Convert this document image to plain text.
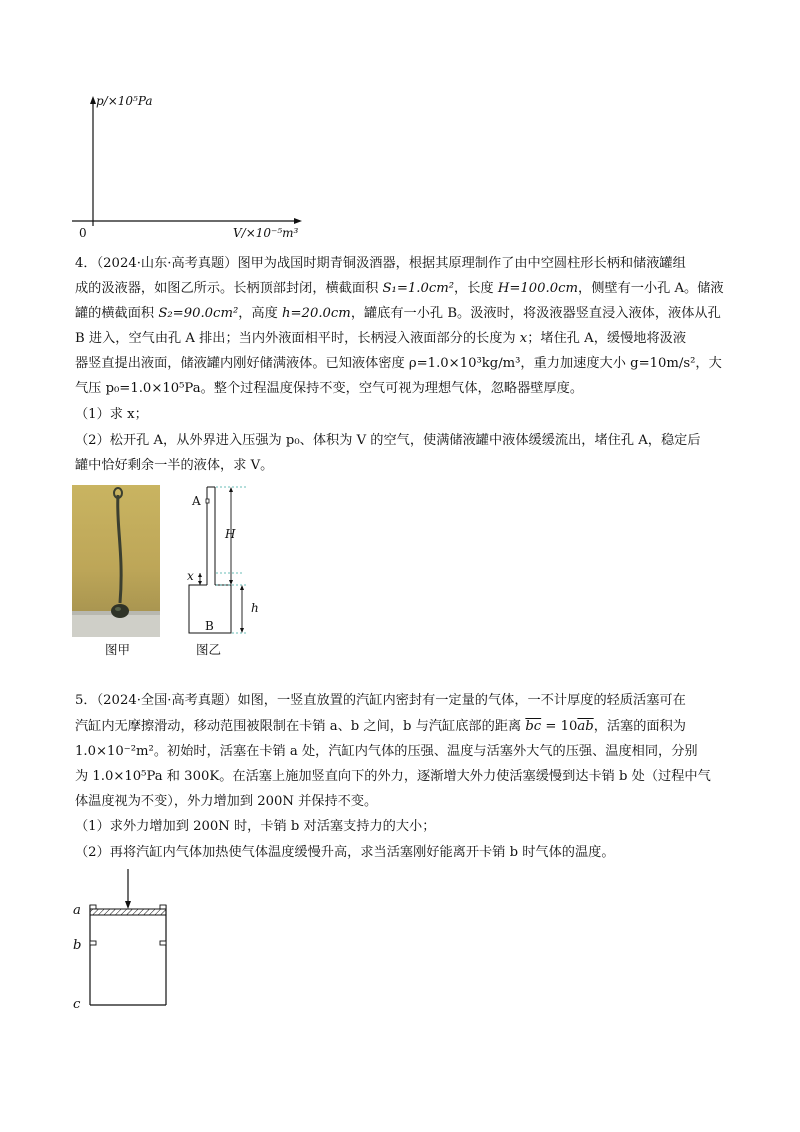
p/×10⁵Pa
0	V/×10⁻⁵m³
4．（2024·山东·高考真题）图甲为战国时期青铜汲酒器，根据其原理制作了由中空圆柱形长柄和储液罐组
成的汲液器，如图乙所示。长柄顶部封闭，横截面积 S₁=1.0cm²，长度 H=100.0cm，侧壁有一小孔 A。储液
罐的横截面积 S₂=90.0cm²，高度 h=20.0cm，罐底有一小孔 B。汲液时，将汲液器竖直浸入液体，液体从孔
B 进入，空气由孔 A 排出；当内外液面相平时，长柄浸入液面部分的长度为 x；堵住孔 A，缓慢地将汲液
器竖直提出液面，储液罐内刚好储满液体。已知液体密度 ρ=1.0×10³kg/m³，重力加速度大小 g=10m/s²，大
气压 p₀=1.0×10⁵Pa。整个过程温度保持不变，空气可视为理想气体，忽略器壁厚度。
（1）求 x；
（2）松开孔 A，从外界进入压强为 p₀、体积为 V 的空气，使满储液罐中液体缓缓流出，堵住孔 A，稳定后
罐中恰好剩余一半的液体，求 V。
图甲
A
H
x
h
B
图乙
5．（2024·全国·高考真题）如图，一竖直放置的汽缸内密封有一定量的气体，一不计厚度的轻质活塞可在
汽缸内无摩擦滑动，移动范围被限制在卡销 a、b 之间，b 与汽缸底部的距离 $\overline{bc} = 10\overline{ab}$，活塞的面积为
1.0×10⁻²m²。初始时，活塞在卡销 a 处，汽缸内气体的压强、温度与活塞外大气的压强、温度相同，分别
为 1.0×10⁵Pa 和 300K。在活塞上施加竖直向下的外力，逐渐增大外力使活塞缓慢到达卡销 b 处（过程中气
体温度视为不变），外力增加到 200N 并保持不变。
（1）求外力增加到 200N 时，卡销 b 对活塞支持力的大小；
（2）再将汽缸内气体加热使气体温度缓慢升高，求当活塞刚好能离开卡销 b 时气体的温度。
a
b
c
